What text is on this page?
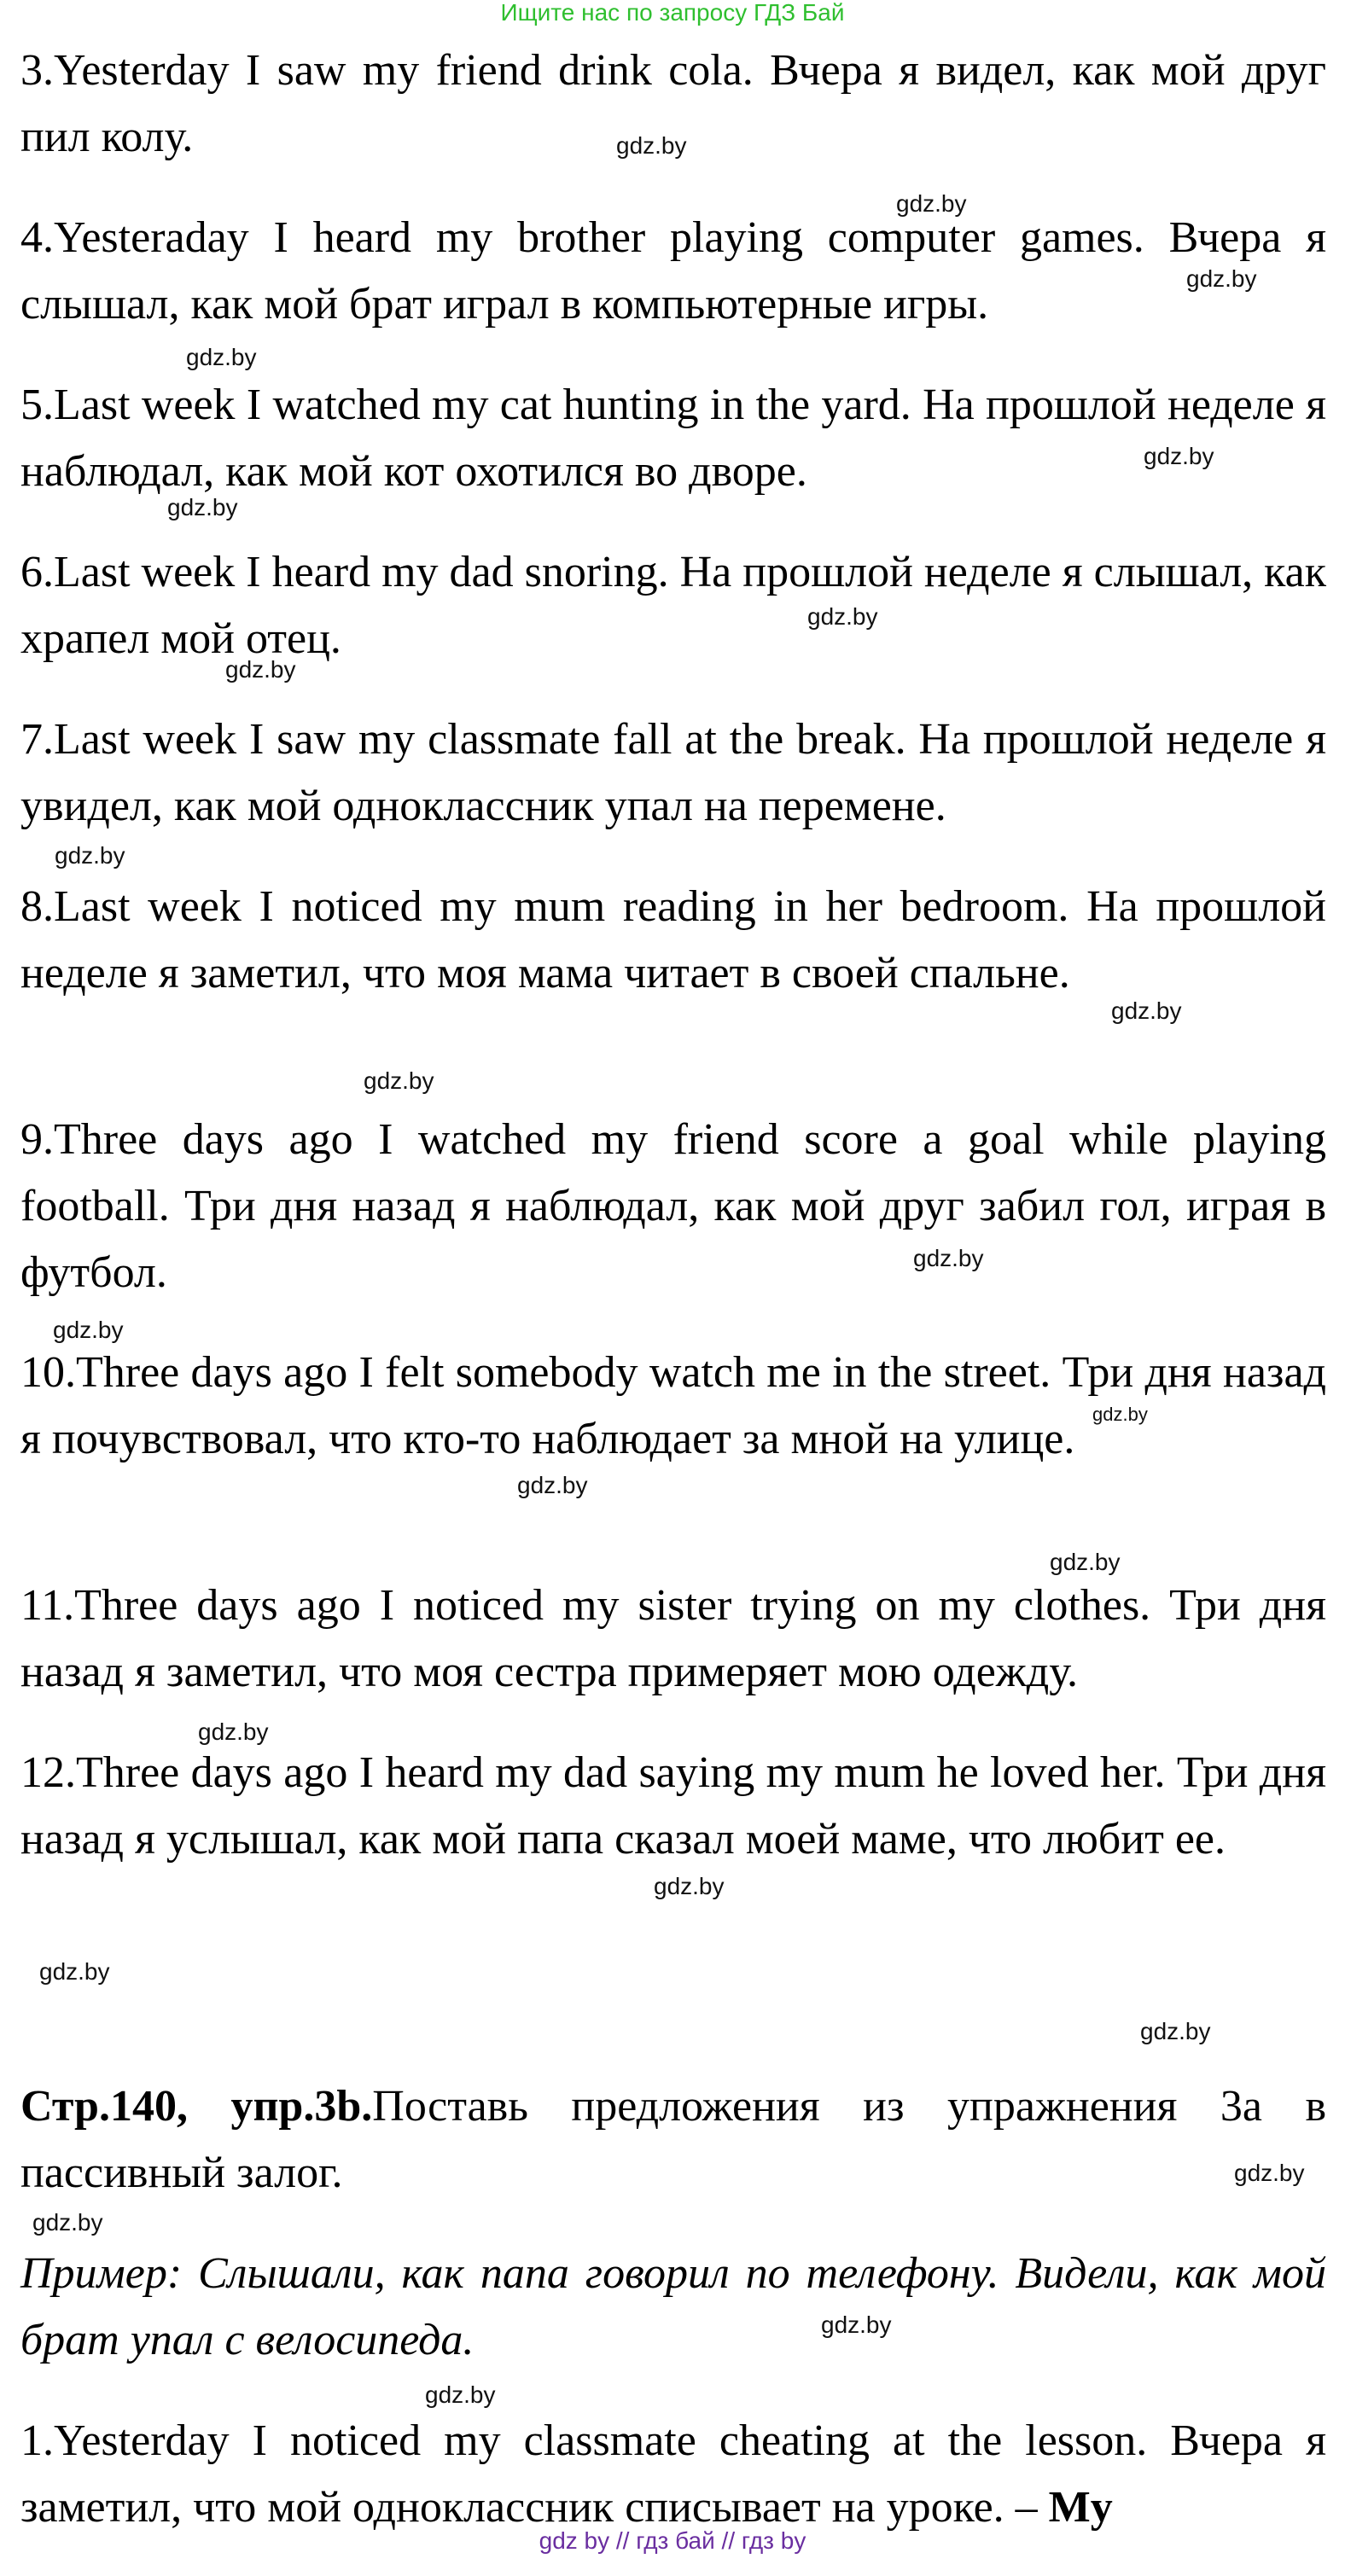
Ищите нас по запросу ГДЗ Бай
3.Yesterday I saw my friend drink cola. Вчера я видел, как мой друг пил колу.
4.Yesteraday I heard my brother playing computer games. Вчера я слышал, как мой брат играл в компьютерные игры.
5.Last week I watched my cat hunting in the yard. На прошлой неделе я наблюдал, как мой кот охотился во дворе.
6.Last week I heard my dad snoring. На прошлой неделе я слышал, как храпел мой отец.
7.Last week I saw my classmate fall at the break. На прошлой неделе я увидел, как мой одноклассник упал на перемене.
8.Last week I noticed my mum reading in her bedroom. На прошлой неделе я заметил, что моя мама читает в своей спальне.
9.Three days ago I watched my friend score a goal while playing football. Три дня назад я наблюдал, как мой друг забил гол, играя в футбол.
10.Three days ago I felt somebody watch me in the street. Три дня назад я почувствовал, что кто-то наблюдает за мной на улице.
11.Three days ago I noticed my sister trying on my clothes. Три дня назад я заметил, что моя сестра примеряет мою одежду.
12.Three days ago I heard my dad saying my mum he loved her. Три дня назад я услышал, как мой папа сказал моей маме, что любит ее.
Стр.140, упр.3b.Поставь предложения из упражнения 3а в пассивный залог.
Пример: Слышали, как папа говорил по телефону. Видели, как мой брат упал с велосипеда.
1.Yesterday I noticed my classmate cheating at the lesson. Вчера я заметил, что мой одноклассник списывает на уроке. – My
gdz.by
gdz.by
gdz.by
gdz.by
gdz.by
gdz.by
gdz.by
gdz.by
gdz.by
gdz.by
gdz.by
gdz.by
gdz.by
gdz.by
gdz.by
gdz.by
gdz.by
gdz.by
gdz.by
gdz.by
gdz.by
gdz.by
gdz.by
gdz.by
gdz by // гдз бай // гдз by
